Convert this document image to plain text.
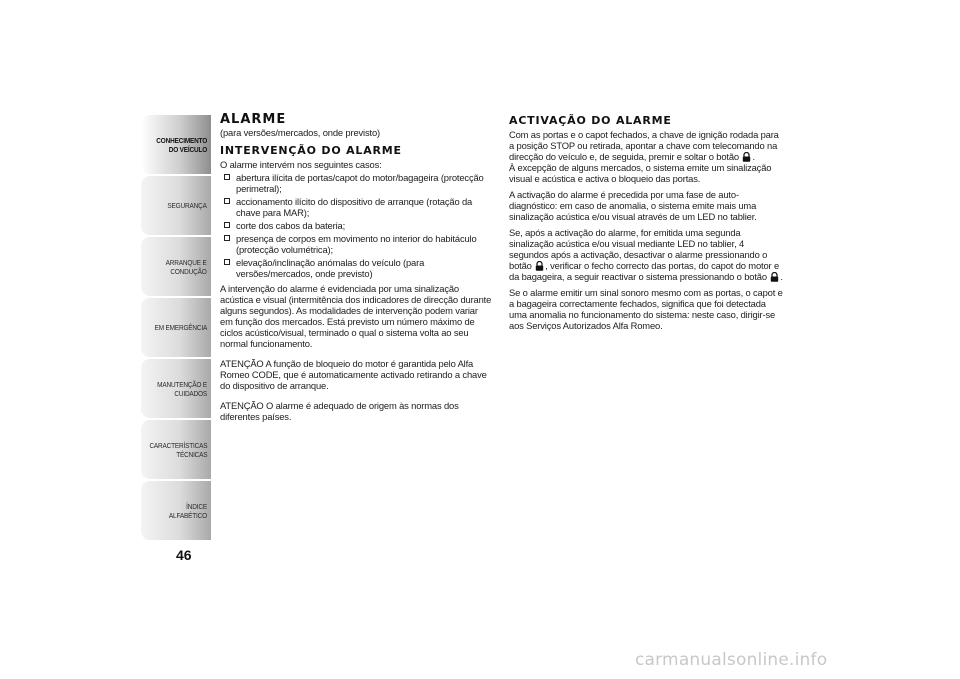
CONHECIMENTO
DO VEÍCULO
SEGURANÇA
ARRANQUE E
CONDUÇÃO
EM EMERGÊNCIA
MANUTENÇÃO E
CUIDADOS
CARACTERÍSTICAS
TÉCNICAS
ÍNDICE ALFABÉTICO
46
ALARME

(para versões/mercados, onde previsto)

INTERVENÇÃO DO ALARME

O alarme intervém nos seguintes casos:

abertura ilícita de portas/capot do motor/bagageira (protecção perimetral);
accionamento ilícito do dispositivo de arranque (rotação da chave para MAR);
corte dos cabos da bateria;
presença de corpos em movimento no interior do habitáculo (protecção volumétrica);
elevação/inclinação anómalas do veículo (para versões/mercados, onde previsto)

A intervenção do alarme é evidenciada por uma sinalização acústica e visual (intermitência dos indicadores de direcção durante alguns segundos). As modalidades de intervenção podem variar em função dos mercados. Está previsto um número máximo de ciclos acústico/visual, terminado o qual o sistema volta ao seu normal funcionamento.

ATENÇÃO A função de bloqueio do motor é garantida pelo Alfa Romeo CODE, que é automaticamente activado retirando a chave do dispositivo de arranque.

ATENÇÃO O alarme é adequado de origem às normas dos diferentes países.

ACTIVAÇÃO DO ALARME

Com as portas e o capot fechados, a chave de ignição rodada para a posição STOP ou retirada, apontar a chave com telecomando na direcção do veículo e, de seguida, premir e soltar o botão .
À excepção de alguns mercados, o sistema emite um sinalização visual e acústica e activa o bloqueio das portas.

A activação do alarme é precedida por uma fase de auto-diagnóstico: em caso de anomalia, o sistema emite mais uma sinalização acústica e/ou visual através de um LED no tablier.

Se, após a activação do alarme, for emitida uma segunda sinalização acústica e/ou visual mediante LED no tablier, 4 segundos após a activação, desactivar o alarme pressionando o botão , verificar o fecho correcto das portas, do capot do motor e da bagageira, a seguir reactivar o sistema pressionando o botão .

Se o alarme emitir um sinal sonoro mesmo com as portas, o capot e a bagageira correctamente fechados, significa que foi detectada uma anomalia no funcionamento do sistema: neste caso, dirigir-se aos Serviços Autorizados Alfa Romeo.

carmanualsonline.info
